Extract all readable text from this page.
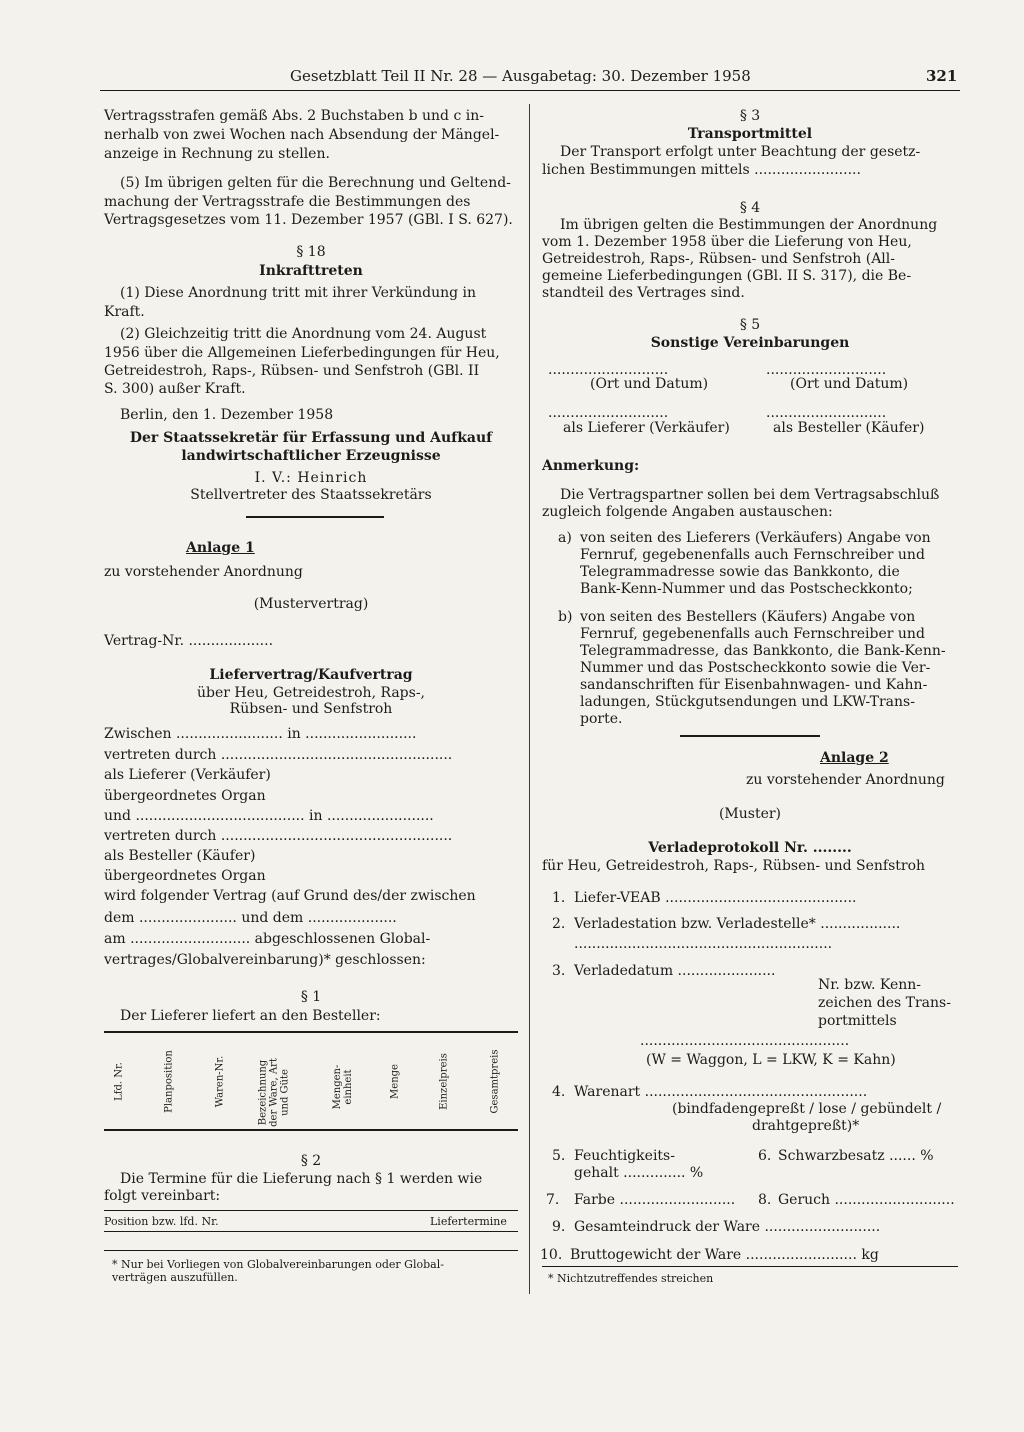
Gesetzblatt Teil II Nr. 28 — Ausgabetag: 30. Dezember 1958	321
Vertragsstrafen gemäß Abs. 2 Buchstaben b und c in-
nerhalb von zwei Wochen nach Absendung der Mängel-
anzeige in Rechnung zu stellen.
(5) Im übrigen gelten für die Berechnung und Geltend-
machung der Vertragsstrafe die Bestimmungen des
Vertragsgesetzes vom 11. Dezember 1957 (GBl. I S. 627).
§ 18
Inkrafttreten
(1) Diese Anordnung tritt mit ihrer Verkündung in
Kraft.
(2) Gleichzeitig tritt die Anordnung vom 24. August
1956 über die Allgemeinen Lieferbedingungen für Heu,
Getreidestroh, Raps-, Rübsen- und Senfstroh (GBl. II
S. 300) außer Kraft.
Berlin, den 1. Dezember 1958
Der Staatssekretär für Erfassung und Aufkauf
landwirtschaftlicher Erzeugnisse
I. V.: Heinrich
Stellvertreter des Staatssekretärs
Anlage 1
zu vorstehender Anordnung
(Mustervertrag)
Vertrag-Nr. ...................
Liefervertrag/Kaufvertrag
über Heu, Getreidestroh, Raps-,
Rübsen- und Senfstroh
Zwischen ........................ in .........................
vertreten durch ....................................................
als Lieferer (Verkäufer)
übergeordnetes Organ
und ...................................... in ........................
vertreten durch ....................................................
als Besteller (Käufer)
übergeordnetes Organ
wird folgender Vertrag (auf Grund des/der zwischen
dem ...................... und dem ....................
am ........................... abgeschlossenen Global-
vertrages/Globalvereinbarung)* geschlossen:
§ 1
Der Lieferer liefert an den Besteller:
Lfd. Nr.	Planposition	Waren-Nr.	Bezeichnung der Ware, Art und Güte	Mengen-einheit	Menge	Einzelpreis	Gesamtpreis
§ 2
Die Termine für die Lieferung nach § 1 werden wie
folgt vereinbart:
Position bzw. lfd. Nr.	Liefertermine
* Nur bei Vorliegen von Globalvereinbarungen oder Global-
verträgen auszufüllen.
§ 3
Transportmittel
Der Transport erfolgt unter Beachtung der gesetz-
lichen Bestimmungen mittels ........................
§ 4
Im übrigen gelten die Bestimmungen der Anordnung
vom 1. Dezember 1958 über die Lieferung von Heu,
Getreidestroh, Raps-, Rübsen- und Senfstroh (All-
gemeine Lieferbedingungen (GBl. II S. 317), die Be-
standteil des Vertrages sind.
§ 5
Sonstige Vereinbarungen
...........................	...........................
(Ort und Datum)	(Ort und Datum)
...........................	...........................
als Lieferer (Verkäufer)	als Besteller (Käufer)
Anmerkung:
Die Vertragspartner sollen bei dem Vertragsabschluß
zugleich folgende Angaben austauschen:
a) von seiten des Lieferers (Verkäufers) Angabe von
Fernruf, gegebenenfalls auch Fernschreiber und
Telegrammadresse sowie das Bankkonto, die
Bank-Kenn-Nummer und das Postscheckkonto;
b) von seiten des Bestellers (Käufers) Angabe von
Fernruf, gegebenenfalls auch Fernschreiber und
Telegrammadresse, das Bankkonto, die Bank-Kenn-
Nummer und das Postscheckkonto sowie die Ver-
sandanschriften für Eisenbahnwagen- und Kahn-
ladungen, Stückgutsendungen und LKW-Trans-
porte.
Anlage 2
zu vorstehender Anordnung
(Muster)
Verladeprotokoll Nr. ........
für Heu, Getreidestroh, Raps-, Rübsen- und Senfstroh
1. Liefer-VEAB ...........................................
2. Verladestation bzw. Verladestelle* ..................
..........................................................
3. Verladedatum ......................
Nr. bzw. Kenn-
zeichen des Trans-
portmittels
...............................................
(W = Waggon, L = LKW, K = Kahn)
4. Warenart ..................................................
(bindfadengepreßt / lose / gebündelt /
drahtgepreßt)*
5. Feuchtigkeits-
gehalt .............. %
6. Schwarzbesatz ...... %
7. Farbe .......................... 8. Geruch ...........................
9. Gesamteindruck der Ware ..........................
10. Bruttogewicht der Ware ......................... kg
* Nichtzutreffendes streichen
